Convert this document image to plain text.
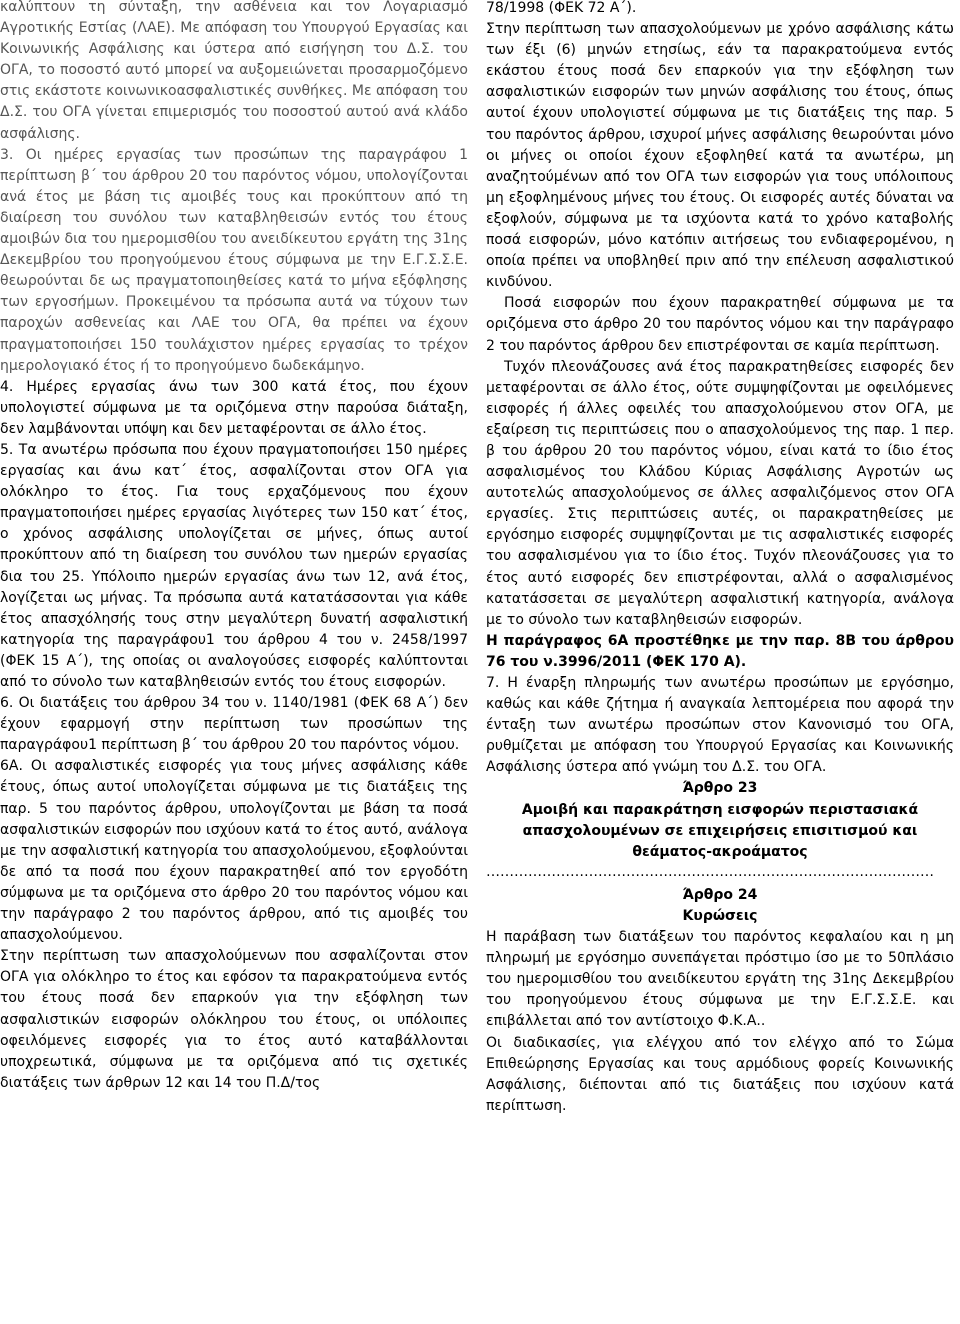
καλύπτουν τη σύνταξη, την ασθένεια και τον Λογαριασμό Αγροτικής Εστίας (ΛΑΕ). Με απόφαση του Υπουργού Εργασίας και Κοινωνικής Ασφάλισης και ύστερα από εισήγηση του Δ.Σ. του ΟΓΑ, το ποσοστό αυτό μπορεί να αυξομειώνεται προσαρμοζόμενο στις εκάστοτε κοινωνικοασφαλιστικές συνθήκες. Με απόφαση του Δ.Σ. του ΟΓΑ γίνεται επιμερισμός του ποσοστού αυτού ανά κλάδο ασφάλισης.

3. Οι ημέρες εργασίας των προσώπων της παραγράφου 1 περίπτωση β΄ του άρθρου 20 του παρόντος νόμου, υπολογίζονται ανά έτος με βάση τις αμοιβές τους και προκύπτουν από τη διαίρεση του συνόλου των καταβληθεισών εντός του έτους αμοιβών δια του ημερομισθίου του ανειδίκευτου εργάτη της 31ης Δεκεμβρίου του προηγούμενου έτους σύμφωνα με την Ε.Γ.Σ.Σ.Ε. θεωρούνται δε ως πραγματοποιηθείσες κατά το μήνα εξόφλησης των εργοσήμων. Προκειμένου τα πρόσωπα αυτά να τύχουν των παροχών ασθενείας και ΛΑΕ του ΟΓΑ, θα πρέπει να έχουν πραγματοποιήσει 150 τουλάχιστον ημέρες εργασίας το τρέχον ημερολογιακό έτος ή το προηγούμενο δωδεκάμηνο.

4. Ημέρες εργασίας άνω των 300 κατά έτος, που έχουν υπολογιστεί σύμφωνα με τα οριζόμενα στην παρούσα διάταξη, δεν λαμβάνονται υπόψη και δεν μεταφέρονται σε άλλο έτος.

5. Τα ανωτέρω πρόσωπα που έχουν πραγματοποιήσει 150 ημέρες εργασίας και άνω κατ΄ έτος, ασφαλίζονται στον ΟΓΑ για ολόκληρο το έτος. Για τους ερχαζόμενους που έχουν πραγματοποιήσει ημέρες εργασίας λιγότερες των 150 κατ΄ έτος, ο χρόνος ασφάλισης υπολογίζεται σε μήνες, όπως αυτοί προκύπτουν από τη διαίρεση του συνόλου των ημερών εργασίας δια του 25. Υπόλοιπο ημερών εργασίας άνω των 12, ανά έτος, λογίζεται ως μήνας. Τα πρόσωπα αυτά κατατάσσονται για κάθε έτος απασχόλησής τους στην μεγαλύτερη δυνατή ασφαλιστική κατηγορία της παραγράφου1 του άρθρου 4 του ν. 2458/1997 (ΦΕΚ 15 Α΄), της οποίας οι αναλογούσες εισφορές καλύπτονται από το σύνολο των καταβληθεισών εντός του έτους εισφορών.

6. Οι διατάξεις του άρθρου 34 του ν. 1140/1981 (ΦΕΚ 68 Α΄) δεν έχουν εφαρμογή στην περίπτωση των προσώπων της παραγράφου1 περίπτωση β΄ του άρθρου 20 του παρόντος νόμου.

6Α. Οι ασφαλιστικές εισφορές για τους μήνες ασφάλισης κάθε έτους, όπως αυτοί υπολογίζεται σύμφωνα με τις διατάξεις της παρ. 5 του παρόντος άρθρου, υπολογίζονται με βάση τα ποσά ασφαλιστικών εισφορών που ισχύουν κατά το έτος αυτό, ανάλογα με την ασφαλιστική κατηγορία του απασχολούμενου, εξοφλούνται δε από τα ποσά που έχουν παρακρατηθεί από τον εργοδότη σύμφωνα με τα οριζόμενα στο άρθρο 20 του παρόντος νόμου και την παράγραφο 2 του παρόντος άρθρου, από τις αμοιβές του απασχολούμενου.

Στην περίπτωση των απασχολούμενων που ασφαλίζονται στον ΟΓΑ για ολόκληρο το έτος και εφόσον τα παρακρατούμενα εντός του έτους ποσά δεν επαρκούν για την εξόφληση των ασφαλιστικών εισφορών ολόκληρου του έτους, οι υπόλοιπες οφειλόμενες εισφορές για το έτος αυτό καταβάλλονται υποχρεωτικά, σύμφωνα με τα οριζόμενα από τις σχετικές διατάξεις των άρθρων 12 και 14 του Π.Δ/τος

78/1998 (ΦΕΚ 72 Α΄).

Στην περίπτωση των απασχολούμενων με χρόνο ασφάλισης κάτω των έξι (6) μηνών ετησίως, εάν τα παρακρατούμενα εντός εκάστου έτους ποσά δεν επαρκούν για την εξόφληση των ασφαλιστικών εισφορών των μηνών ασφάλισης του έτους, όπως αυτοί έχουν υπολογιστεί σύμφωνα με τις διατάξεις της παρ. 5 του παρόντος άρθρου, ισχυροί μήνες ασφάλισης θεωρούνται μόνο οι μήνες οι οποίοι έχουν εξοφληθεί κατά τα ανωτέρω, μη αναζητούμένων από τον ΟΓΑ των εισφορών για τους υπόλοιπους μη εξοφλημένους μήνες του έτους. Οι εισφορές αυτές δύναται να εξοφλούν, σύμφωνα με τα ισχύοντα κατά το χρόνο καταβολής ποσά εισφορών, μόνο κατόπιν αιτήσεως του ενδιαφερομένου, η οποία πρέπει να υποβληθεί πριν από την επέλευση ασφαλιστικού κινδύνου.

Ποσά εισφορών που έχουν παρακρατηθεί σύμφωνα με τα οριζόμενα στο άρθρο 20 του παρόντος νόμου και την παράγραφο 2 του παρόντος άρθρου δεν επιστρέφονται σε καμία περίπτωση.

Τυχόν πλεονάζουσες ανά έτος παρακρατηθείσες εισφορές δεν μεταφέρονται σε άλλο έτος, ούτε συμψηφίζονται με οφειλόμενες εισφορές ή άλλες οφειλές του απασχολούμενου στον ΟΓΑ, με εξαίρεση τις περιπτώσεις που ο απασχολούμενος της παρ. 1 περ. β του άρθρου 20 του παρόντος νόμου, είναι κατά το ίδιο έτος ασφαλισμένος του Κλάδου Κύριας Ασφάλισης Αγροτών ως αυτοτελώς απασχολούμενος σε άλλες ασφαλιζόμενος στον ΟΓΑ εργασίες. Στις περιπτώσεις αυτές, οι παρακρατηθείσες με εργόσημο εισφορές συμψηφίζονται με τις ασφαλιστικές εισφορές του ασφαλισμένου για το ίδιο έτος. Τυχόν πλεονάζουσες για το έτος αυτό εισφορές δεν επιστρέφονται, αλλά ο ασφαλισμένος κατατάσσεται σε μεγαλύτερη ασφαλιστική κατηγορία, ανάλογα με το σύνολο των καταβληθεισών εισφορών.

Η παράγραφος 6Α προστέθηκε με την παρ. 8Β του άρθρου 76 του ν.3996/2011 (ΦΕΚ 170 Α).

7. Η έναρξη πληρωμής των ανωτέρω προσώπων με εργόσημο, καθώς και κάθε ζήτημα ή αναγκαία λεπτομέρεια που αφορά την ένταξη των ανωτέρω προσώπων στον Κανονισμό του ΟΓΑ, ρυθμίζεται με απόφαση του Υπουργού Εργασίας και Κοινωνικής Ασφάλισης ύστερα από γνώμη του Δ.Σ. του ΟΓΑ.

Άρθρο 23

Αμοιβή και παρακράτηση εισφορών περιστασιακά απασχολουμένων σε επιχειρήσεις επισιτισμού και θεάματος-ακροάματος

……………………………………………………………………………………

Άρθρο 24

Κυρώσεις

Η παράβαση των διατάξεων του παρόντος κεφαλαίου και η μη πληρωμή με εργόσημο συνεπάγεται πρόστιμο ίσο με το 50πλάσιο του ημερομισθίου του ανειδίκευτου εργάτη της 31ης Δεκεμβρίου του προηγούμενου έτους σύμφωνα με την Ε.Γ.Σ.Σ.Ε. και επιβάλλεται από τον αντίστοιχο Φ.Κ.Α..

Οι διαδικασίες, για ελέγχου από τον ελέγχο από το Σώμα Επιθεώρησης Εργασίας και τους αρμόδιους φορείς Κοινωνικής Ασφάλισης, διέπονται από τις διατάξεις που ισχύουν κατά περίπτωση.
